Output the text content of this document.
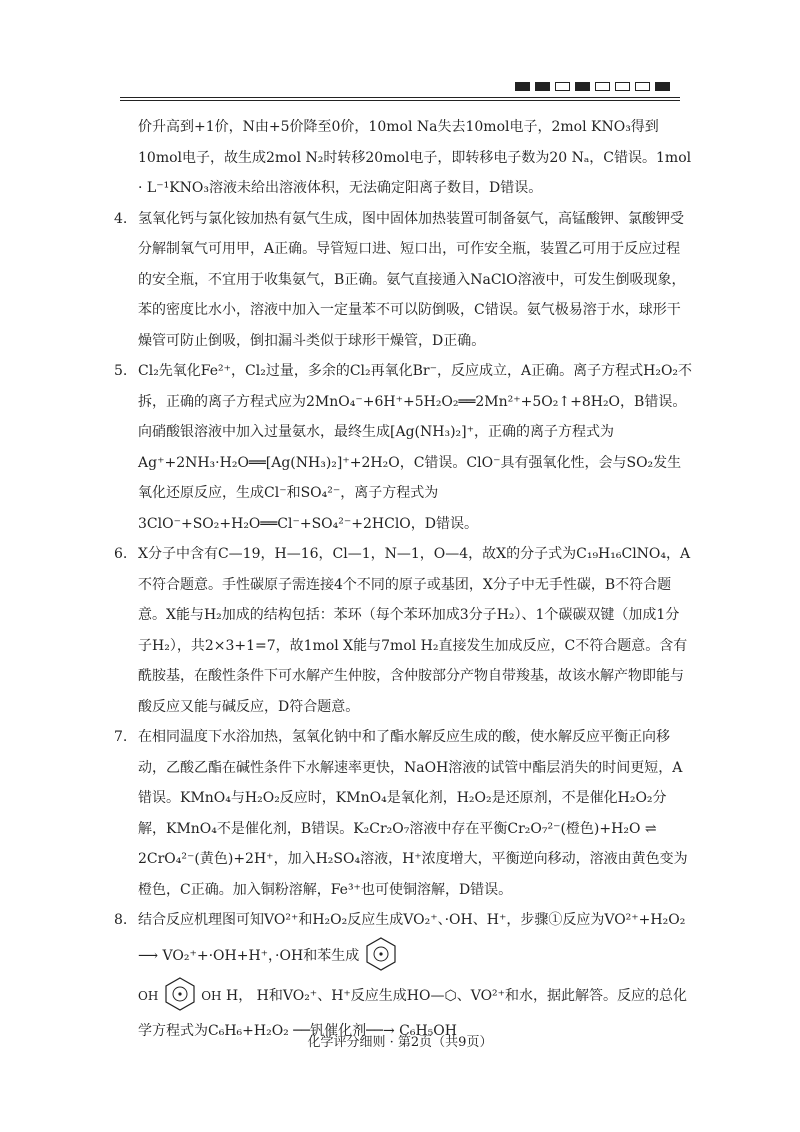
价升高到+1价，N由+5价降至0价，10mol Na失去10mol电子，2mol KNO₃得到10mol电子，故生成2mol N₂时转移20mol电子，即转移电子数为20 Nₐ，C错误。1mol · L⁻¹KNO₃溶液未给出溶液体积，无法确定阳离子数目，D错误。

4. 氢氧化钙与氯化铵加热有氨气生成，图中固体加热装置可制备氨气，高锰酸钾、氯酸钾受分解制氧气可用甲，A正确。导管短口进、短口出，可作安全瓶，装置乙可用于反应过程的安全瓶，不宜用于收集氨气，B正确。氨气直接通入NaClO溶液中，可发生倒吸现象，苯的密度比水小，溶液中加入一定量苯不可以防倒吸，C错误。氨气极易溶于水，球形干燥管可防止倒吸，倒扣漏斗类似于球形干燥管，D正确。

5. Cl₂先氧化Fe²⁺，Cl₂过量，多余的Cl₂再氧化Br⁻，反应成立，A正确。离子方程式H₂O₂不拆，正确的离子方程式应为2MnO₄⁻+6H⁺+5H₂O₂══2Mn²⁺+5O₂↑+8H₂O，B错误。向硝酸银溶液中加入过量氨水，最终生成[Ag(NH₃)₂]⁺，正确的离子方程式为Ag⁺+2NH₃·H₂O══[Ag(NH₃)₂]⁺+2H₂O，C错误。ClO⁻具有强氧化性，会与SO₂发生氧化还原反应，生成Cl⁻和SO₄²⁻，离子方程式为3ClO⁻+SO₂+H₂O══Cl⁻+SO₄²⁻+2HClO，D错误。

6. X分子中含有C—19，H—16，Cl—1，N—1，O—4，故X的分子式为C₁₉H₁₆ClNO₄，A不符合题意。手性碳原子需连接4个不同的原子或基团，X分子中无手性碳，B不符合题意。X能与H₂加成的结构包括：苯环（每个苯环加成3分子H₂）、1个碳碳双键（加成1分子H₂），共2×3+1=7，故1mol X能与7mol H₂直接发生加成反应，C不符合题意。含有酰胺基，在酸性条件下可水解产生仲胺，含仲胺部分产物自带羧基，故该水解产物即能与酸反应又能与碱反应，D符合题意。

7. 在相同温度下水浴加热，氢氧化钠中和了酯水解反应生成的酸，使水解反应平衡正向移动，乙酸乙酯在碱性条件下水解速率更快，NaOH溶液的试管中酯层消失的时间更短，A错误。KMnO₄与H₂O₂反应时，KMnO₄是氧化剂，H₂O₂是还原剂，不是催化H₂O₂分解，KMnO₄不是催化剂，B错误。K₂Cr₂O₇溶液中存在平衡Cr₂O₇²⁻(橙色)+H₂O ⇌ 2CrO₄²⁻(黄色)+2H⁺，加入H₂SO₄溶液，H⁺浓度增大，平衡逆向移动，溶液由黄色变为橙色，C正确。加入铜粉溶解，Fe³⁺也可使铜溶解，D错误。

8. 结合反应机理图可知VO²⁺和H₂O₂反应生成VO₂⁺、·OH、H⁺，步骤①反应为VO²⁺+H₂O₂ ⟶ VO₂⁺+·OH+H⁺，·OH和苯生成

OH	OH H， H和VO₂⁺、H⁺反应生成HO—⬡、VO²⁺和水，据此解答。反应的总化学方程式为C₆H₆+H₂O₂ ──钒催化剂──→ C₆H₅OH

化学评分细则 · 第2页（共9页）
